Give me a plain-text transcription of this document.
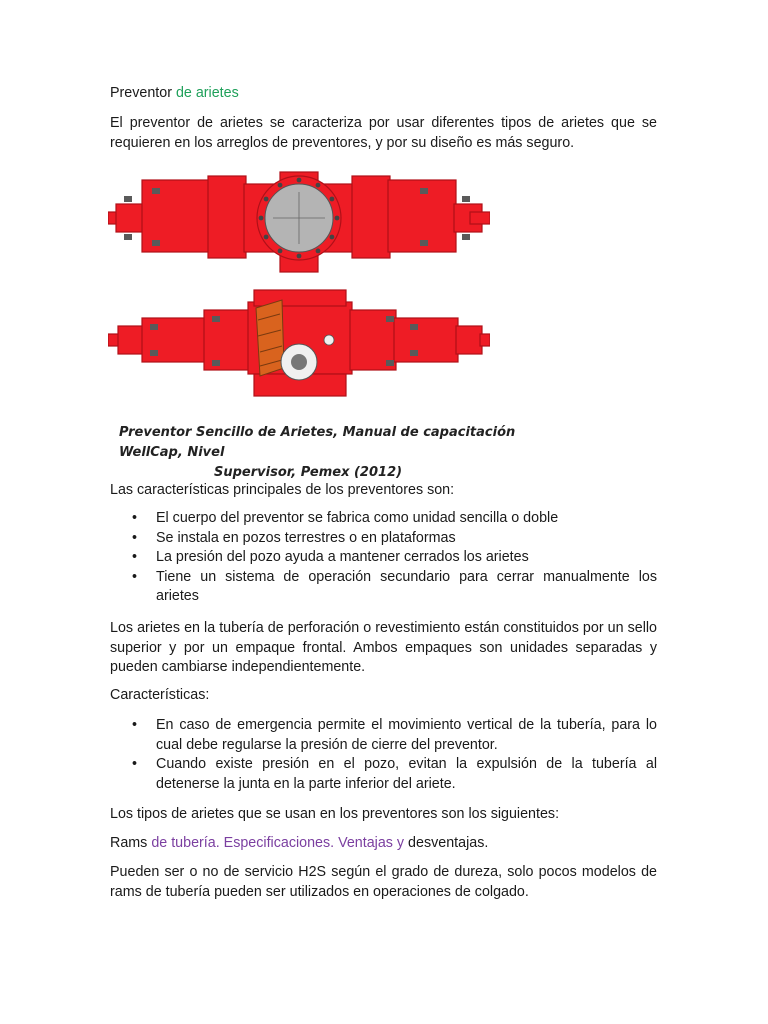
Preventor de arietes

El preventor de arietes se caracteriza por usar diferentes tipos de arietes que se requieren en los arreglos de preventores, y por su diseño es más seguro.

Preventor Sencillo de Arietes, Manual de capacitación WellCap, Nivel
Supervisor, Pemex (2012)

Las características principales de los preventores son:

• El cuerpo del preventor se fabrica como unidad sencilla o doble
• Se instala en pozos terrestres o en plataformas
• La presión del pozo ayuda a mantener cerrados los arietes
• Tiene un sistema de operación secundario para cerrar manualmente los arietes

Los arietes en la tubería de perforación o revestimiento están constituidos por un sello superior y por un empaque frontal. Ambos empaques son unidades separadas y pueden cambiarse independientemente.

Características:

• En caso de emergencia permite el movimiento vertical de la tubería, para lo cual debe regularse la presión de cierre del preventor.
• Cuando existe presión en el pozo, evitan la expulsión de la tubería al detenerse la junta en la parte inferior del ariete.

Los tipos de arietes que se usan en los preventores son los siguientes:

Rams de tubería. Especificaciones. Ventajas y desventajas.

Pueden ser o no de servicio H2S según el grado de dureza, solo pocos modelos de rams de tubería pueden ser utilizados en operaciones de colgado.
